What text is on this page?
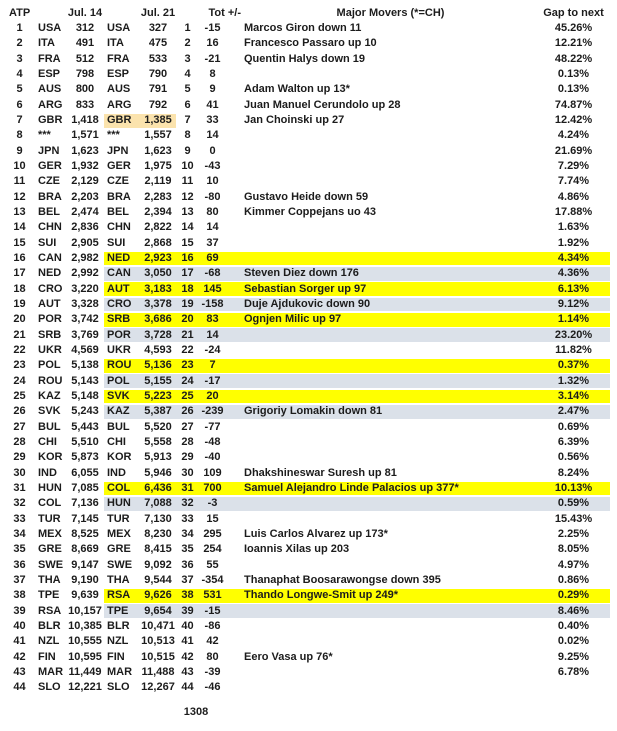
ATP	Jul. 14	Jul. 21	Tot +/-	Major Movers (*=CH)	Gap to next
1	USA	312	USA	327	1	-15	Marcos Giron down 11	45.26%
2	ITA	491	ITA	475	2	16	Francesco Passaro up 10	12.21%
3	FRA	512	FRA	533	3	-21	Quentin Halys down 19	48.22%
4	ESP	798	ESP	790	4	8	0.13%
5	AUS	800	AUS	791	5	9	Adam Walton up 13*	0.13%
6	ARG	833	ARG	792	6	41	Juan Manuel Cerundolo up 28	74.87%
7	GBR 1,418 GBR	1,385	7	33	Jan Choinski up 27	12.42%
8	***	1,571 ***	1,557	8	14	4.24%
9	JPN	1,623 JPN	1,623	9	0	21.69%
10	GER 1,932 GER	1,975 10 -43	7.29%
11	CZE	2,129 CZE	2,119 11	10	7.74%
12	BRA 2,203 BRA	2,283 12 -80	Gustavo Heide down 59	4.86%
13	BEL	2,474 BEL	2,394 13	80	Kimmer Coppejans uo 43	17.88%
14	CHN 2,836 CHN	2,822 14	14	1.63%
15	SUI	2,905 SUI	2,868 15	37	1.92%
16	CAN 2,982 NED	2,923 16	69	4.34%
17	NED 2,992 CAN	3,050 17 -68	Steven Diez down 176	4.36%
18	CRO 3,220 AUT	3,183 18 145	Sebastian Sorger up 97	6.13%
19	AUT 3,328 CRO	3,378 19 -158 Duje Ajdukovic down 90	9.12%
20	POR 3,742 SRB	3,686 20	83	Ognjen Milic up 97	1.14%
21	SRB 3,769 POR	3,728 21	14	23.20%
22	UKR 4,569 UKR	4,593 22 -24	11.82%
23	POL 5,138 ROU	5,136 23	7	0.37%
24	ROU 5,143 POL	5,155 24 -17	1.32%
25	KAZ 5,148 SVK	5,223 25	20	3.14%
26	SVK 5,243 KAZ	5,387 26 -239 Grigoriy Lomakin down 81	2.47%
27	BUL 5,443 BUL	5,520 27 -77	0.69%
28	CHI	5,510 CHI	5,558 28 -48	6.39%
29	KOR 5,873 KOR	5,913 29 -40	0.56%
30	IND	6,055 IND	5,946 30 109	Dhakshineswar Suresh up 81	8.24%
31	HUN 7,085 COL	6,436 31 700	Samuel Alejandro Linde Palacios up 377*	10.13%
32	COL 7,136 HUN	7,088 32	-3	0.59%
33	TUR 7,145 TUR	7,130 33	15	15.43%
34	MEX 8,525 MEX	8,230 34 295	Luis Carlos Alvarez up 173*	2.25%
35	GRE 8,669 GRE	8,415 35 254	Ioannis Xilas up 203	8.05%
36	SWE 9,147 SWE	9,092 36	55	4.97%
37	THA 9,190 THA	9,544 37 -354 Thanaphat Boosarawongse down 395	0.86%
38	TPE	9,639 RSA	9,626 38 531	Thando Longwe-Smit up 249*	0.29%
39	RSA 10,157 TPE	9,654 39 -15	8.46%
40	BLR 10,385 BLR	10,471 40 -86	0.40%
41	NZL 10,555 NZL	10,513 41	42	0.02%
42	FIN	10,595 FIN	10,515 42	80	Eero Vasa up 76*	9.25%
43	MAR 11,449 MAR 11,488 43 -39	6.78%
44	SLO 12,221 SLO	12,267 44 -46
1308
